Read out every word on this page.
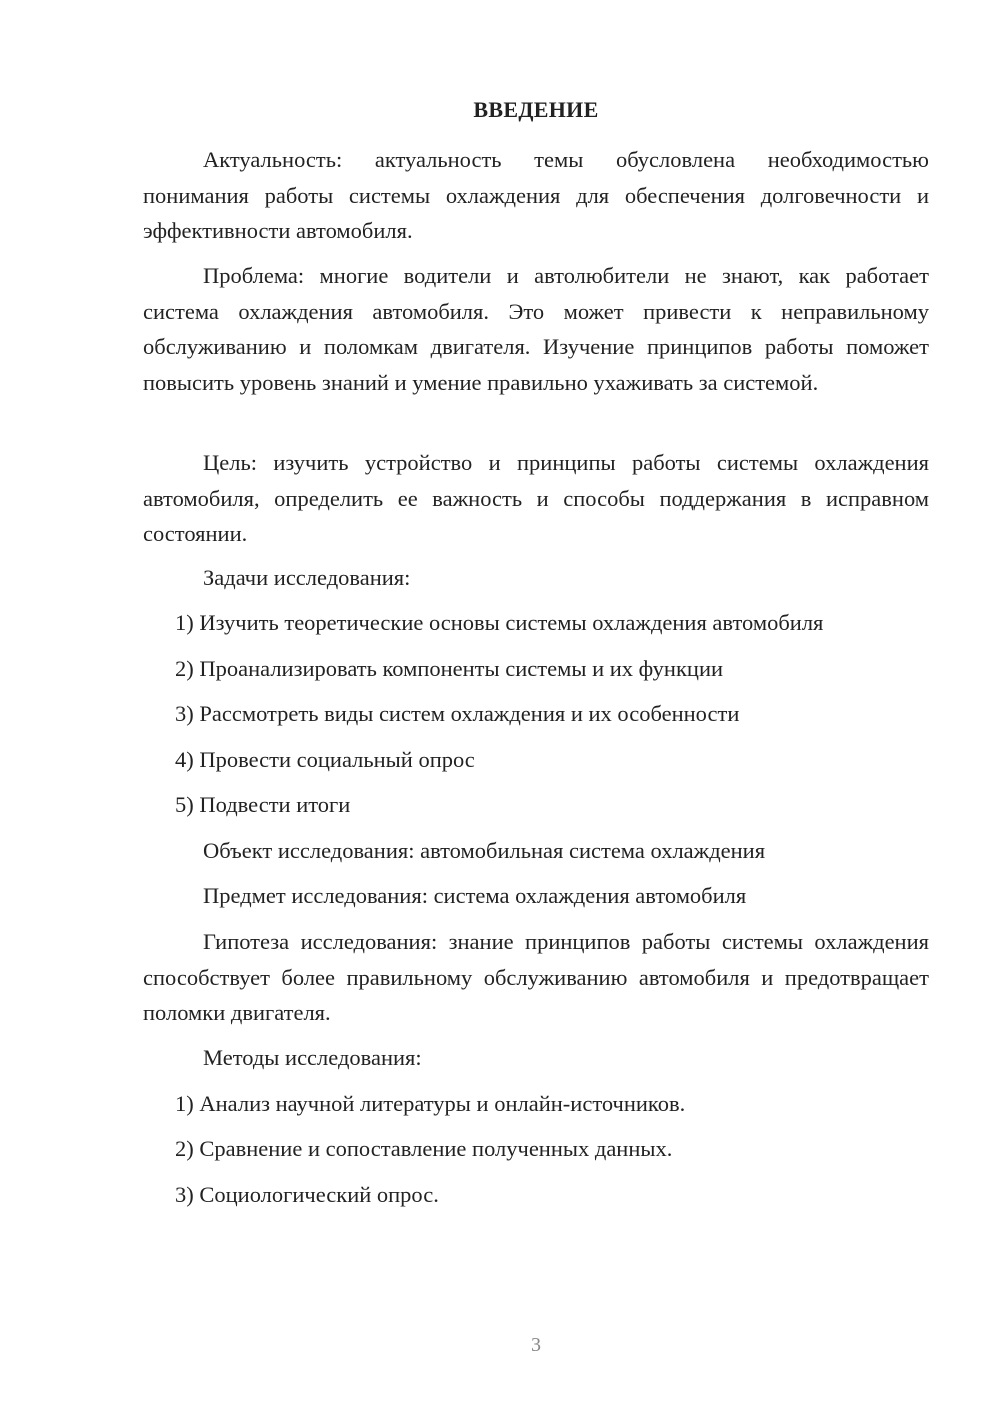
ВВЕДЕНИЕ

Актуальность: актуальность темы обусловлена необходимостью понимания работы системы охлаждения для обеспечения долговечности и эффективности автомобиля.

Проблема: многие водители и автолюбители не знают, как работает система охлаждения автомобиля. Это может привести к неправильному обслуживанию и поломкам двигателя. Изучение принципов работы поможет повысить уровень знаний и умение правильно ухаживать за системой.

Цель: изучить устройство и принципы работы системы охлаждения автомобиля, определить ее важность и способы поддержания в исправном состоянии.

Задачи исследования:

1) Изучить теоретические основы системы охлаждения автомобиля

2) Проанализировать компоненты системы и их функции

3) Рассмотреть виды систем охлаждения и их особенности

4) Провести социальный опрос

5) Подвести итоги

Объект исследования: автомобильная система охлаждения

Предмет исследования: система охлаждения автомобиля

Гипотеза исследования: знание принципов работы системы охлаждения способствует более правильному обслуживанию автомобиля и предотвращает поломки двигателя.

Методы исследования:

1) Анализ научной литературы и онлайн-источников.

2) Сравнение и сопоставление полученных данных.

3) Социологический опрос.

3
